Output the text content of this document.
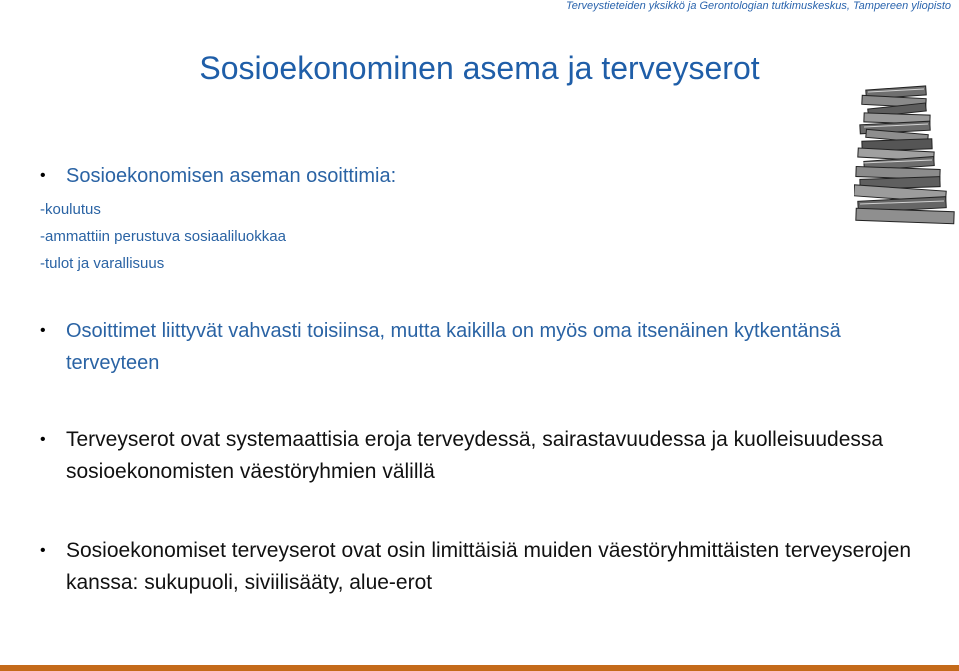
Terveystieteiden yksikkö ja Gerontologian tutkimuskeskus, Tampereen yliopisto
Sosioekonominen asema ja terveyserot
• Sosioekonomisen aseman osoittimia:
-koulutus
-ammattiin perustuva sosiaaliluokkaa
-tulot ja varallisuus
• Osoittimet liittyvät vahvasti toisiinsa, mutta kaikilla on myös oma itsenäinen kytkentänsä terveyteen
• Terveyserot ovat systemaattisia eroja terveydessä, sairastavuudessa ja kuolleisuudessa sosioekonomisten väestöryhmien välillä
• Sosioekonomiset terveyserot ovat osin limittäisiä muiden väestöryhmittäisten terveyserojen kanssa: sukupuoli, siviilisääty, alue-erot
